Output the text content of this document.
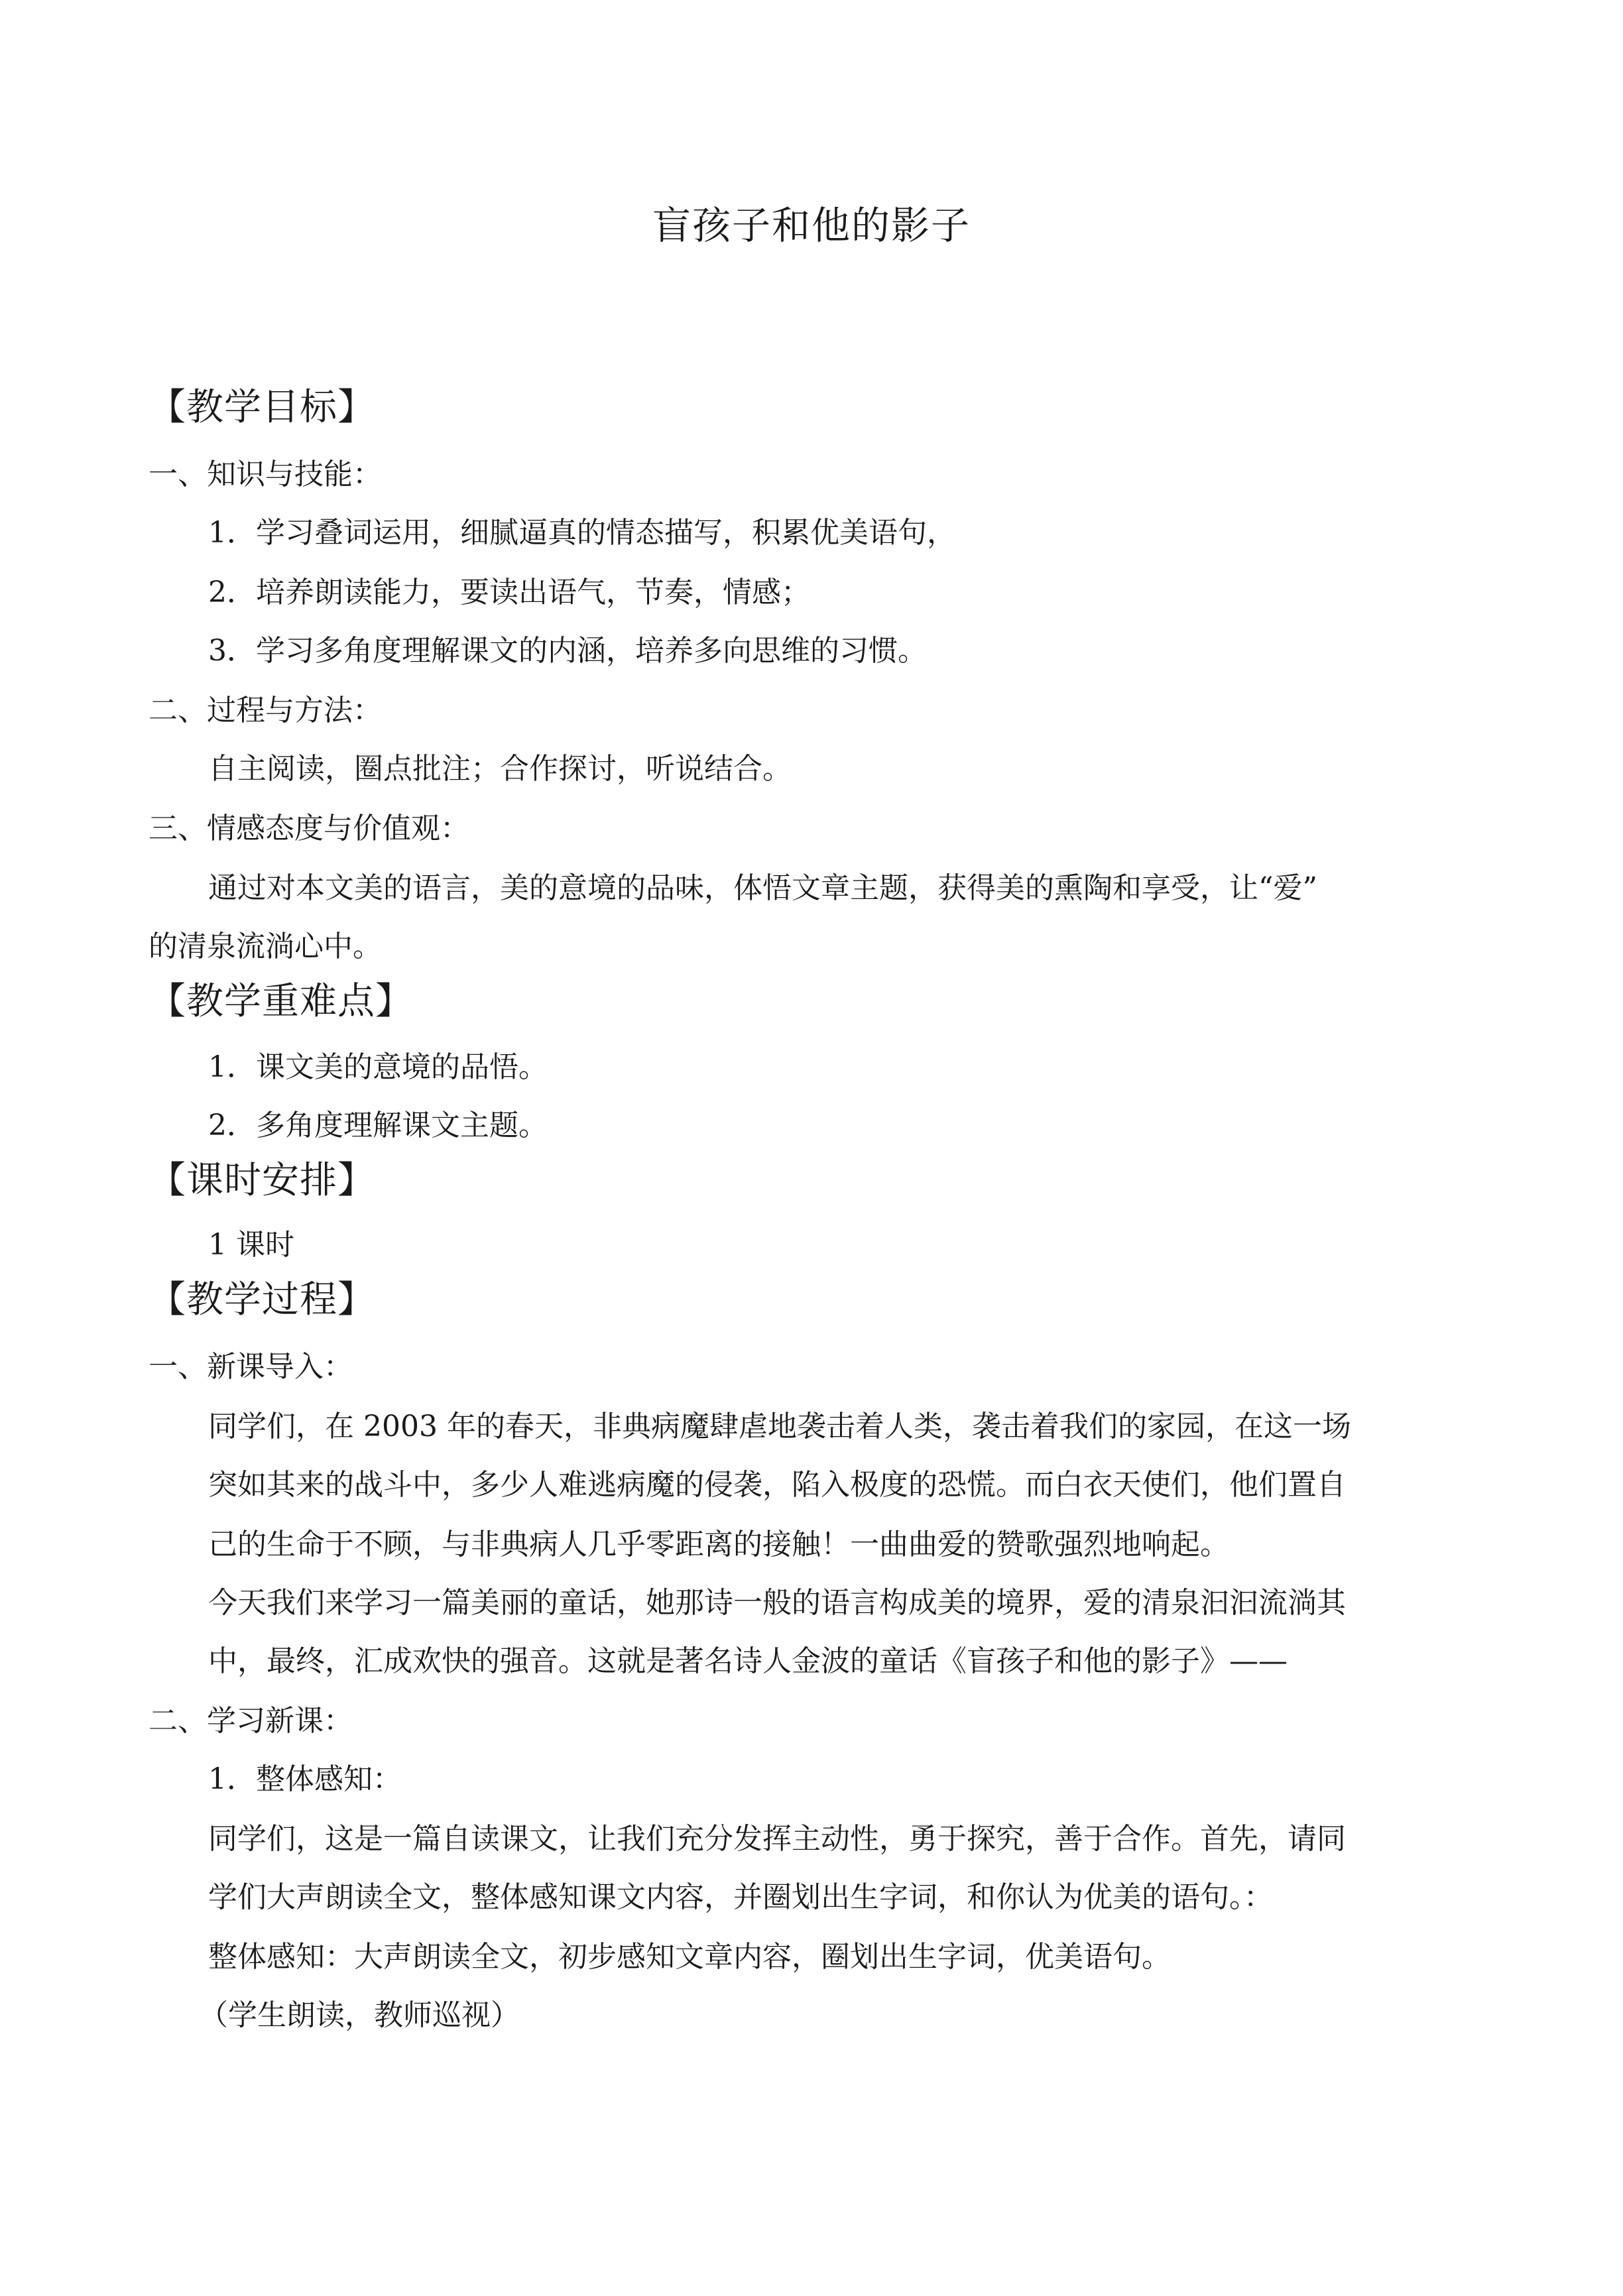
盲孩子和他的影子
【教学目标】
一、知识与技能：
1．学习叠词运用，细腻逼真的情态描写，积累优美语句，
2．培养朗读能力，要读出语气，节奏，情感；
3．学习多角度理解课文的内涵，培养多向思维的习惯。
二、过程与方法：
自主阅读，圈点批注；合作探讨，听说结合。
三、情感态度与价值观：
通过对本文美的语言，美的意境的品味，体悟文章主题，获得美的熏陶和享受，让“爱”
的清泉流淌心中。
【教学重难点】
1．课文美的意境的品悟。
2．多角度理解课文主题。
【课时安排】
1 课时
【教学过程】
一、新课导入：
同学们，在 2003 年的春天，非典病魔肆虐地袭击着人类，袭击着我们的家园，在这一场
突如其来的战斗中，多少人难逃病魔的侵袭，陷入极度的恐慌。而白衣天使们，他们置自
己的生命于不顾，与非典病人几乎零距离的接触！一曲曲爱的赞歌强烈地响起。
今天我们来学习一篇美丽的童话，她那诗一般的语言构成美的境界，爱的清泉汩汩流淌其
中，最终，汇成欢快的强音。这就是著名诗人金波的童话《盲孩子和他的影子》——
二、学习新课：
1．整体感知：
同学们，这是一篇自读课文，让我们充分发挥主动性，勇于探究，善于合作。首先，请同
学们大声朗读全文，整体感知课文内容，并圈划出生字词，和你认为优美的语句。：
整体感知：大声朗读全文，初步感知文章内容，圈划出生字词，优美语句。
（学生朗读，教师巡视）
